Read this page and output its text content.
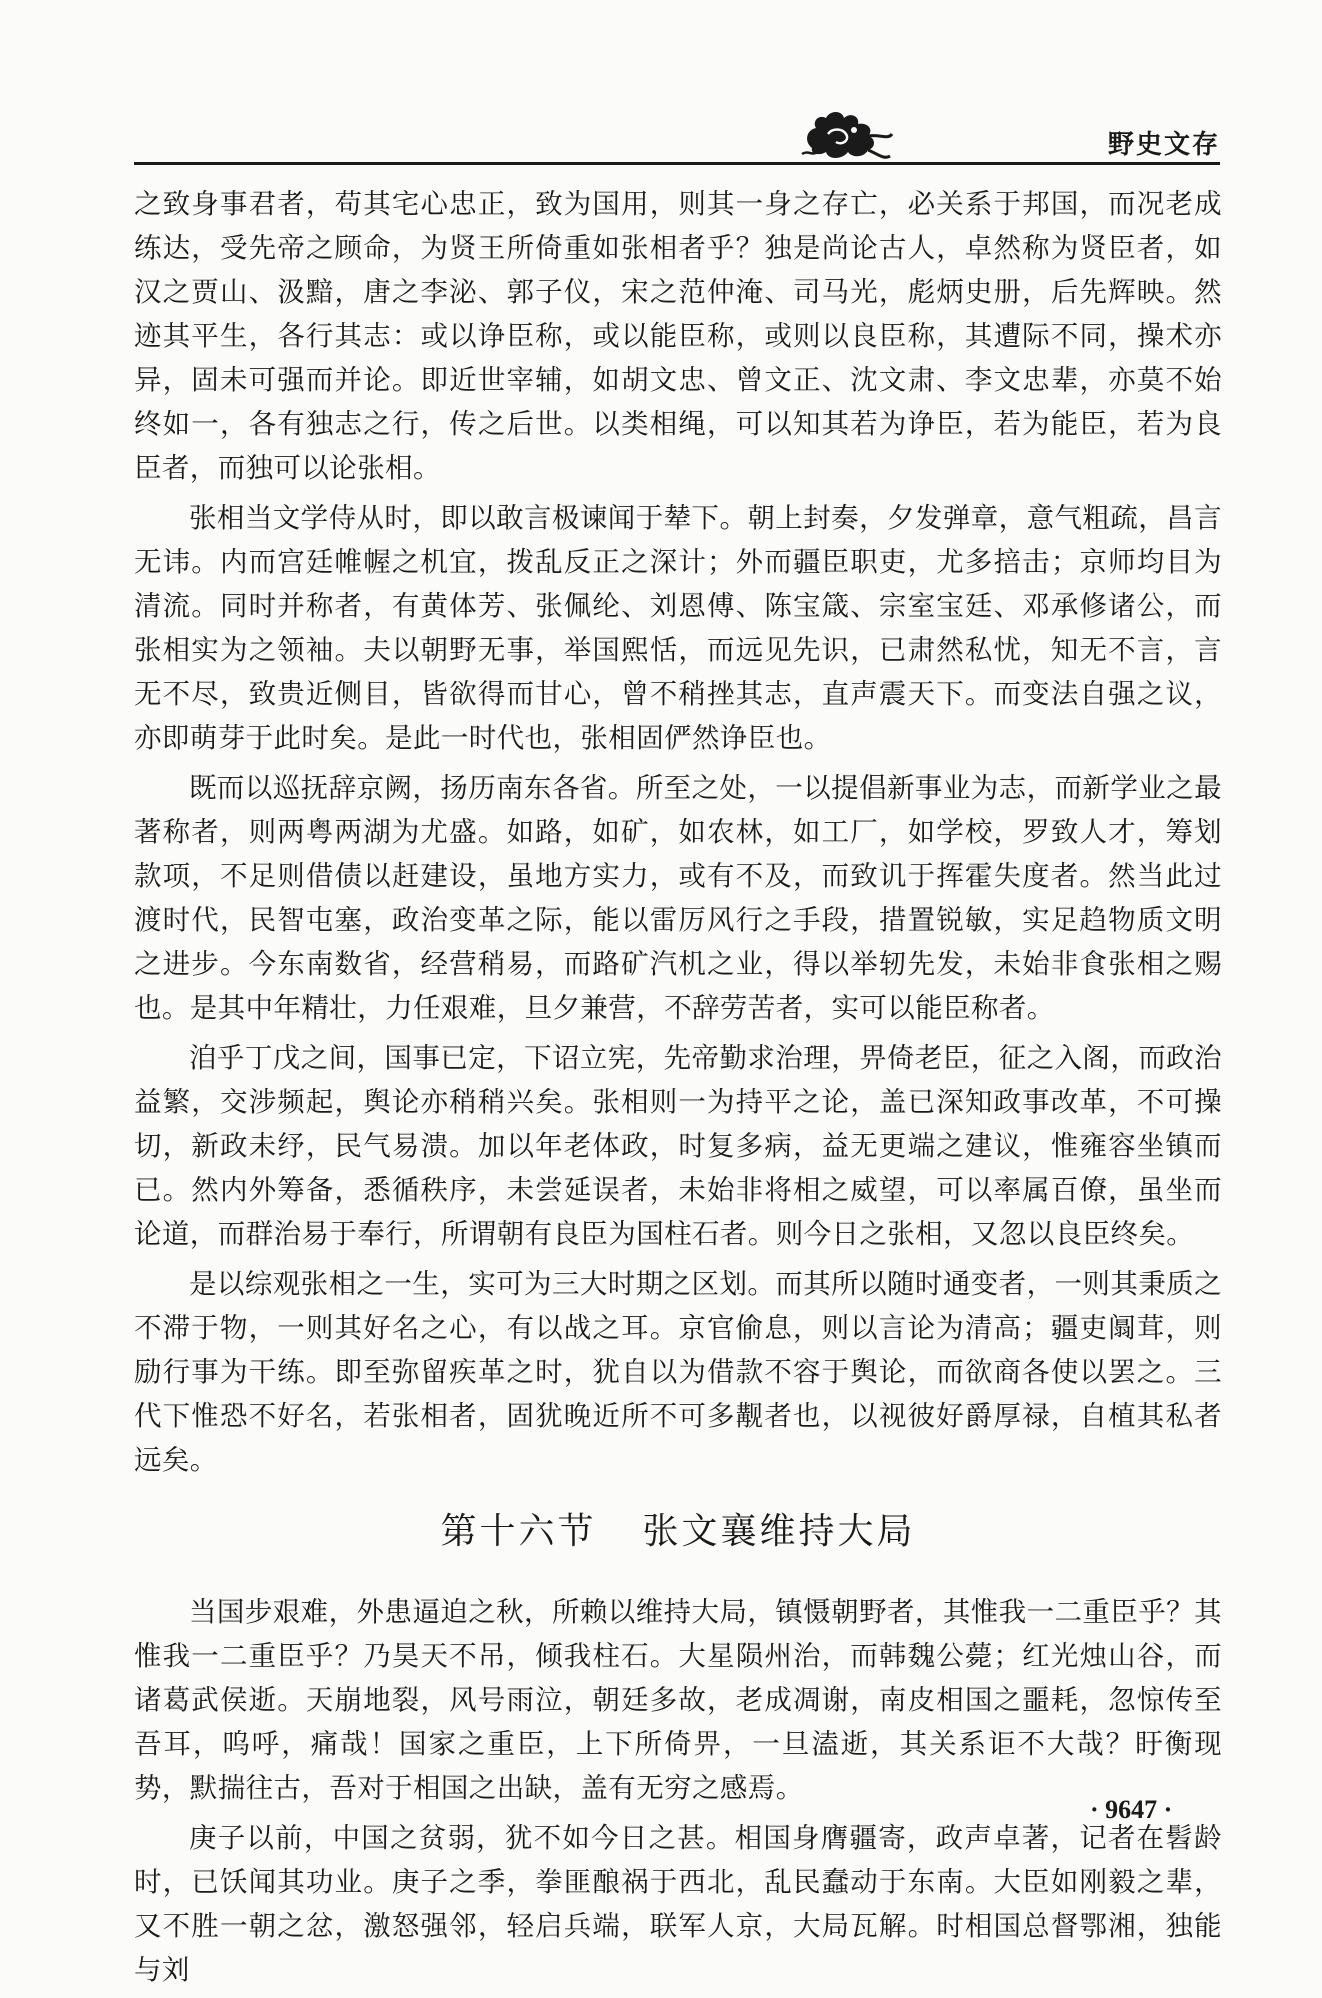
野史文存

之致身事君者，苟其宅心忠正，致为国用，则其一身之存亡，必关系于邦国，而况老成练达，受先帝之顾命，为贤王所倚重如张相者乎？独是尚论古人，卓然称为贤臣者，如汉之贾山、汲黯，唐之李泌、郭子仪，宋之范仲淹、司马光，彪炳史册，后先辉映。然迹其平生，各行其志：或以诤臣称，或以能臣称，或则以良臣称，其遭际不同，操术亦异，固未可强而并论。即近世宰辅，如胡文忠、曾文正、沈文肃、李文忠辈，亦莫不始终如一，各有独志之行，传之后世。以类相绳，可以知其若为诤臣，若为能臣，若为良臣者，而独可以论张相。

张相当文学侍从时，即以敢言极谏闻于辇下。朝上封奏，夕发弹章，意气粗疏，昌言无讳。内而宫廷帷幄之机宜，拨乱反正之深计；外而疆臣职吏，尤多掊击；京师均目为清流。同时并称者，有黄体芳、张佩纶、刘恩傅、陈宝箴、宗室宝廷、邓承修诸公，而张相实为之领袖。夫以朝野无事，举国熙恬，而远见先识，已肃然私忧，知无不言，言无不尽，致贵近侧目，皆欲得而甘心，曾不稍挫其志，直声震天下。而变法自强之议，亦即萌芽于此时矣。是此一时代也，张相固俨然诤臣也。

既而以巡抚辞京阙，扬历南东各省。所至之处，一以提倡新事业为志，而新学业之最著称者，则两粤两湖为尤盛。如路，如矿，如农林，如工厂，如学校，罗致人才，筹划款项，不足则借债以赶建设，虽地方实力，或有不及，而致讥于挥霍失度者。然当此过渡时代，民智屯塞，政治变革之际，能以雷厉风行之手段，措置锐敏，实足趋物质文明之进步。今东南数省，经营稍易，而路矿汽机之业，得以举轫先发，未始非食张相之赐也。是其中年精壮，力任艰难，旦夕兼营，不辞劳苦者，实可以能臣称者。

洎乎丁戊之间，国事已定，下诏立宪，先帝勤求治理，畀倚老臣，征之入阁，而政治益繁，交涉频起，舆论亦稍稍兴矣。张相则一为持平之论，盖已深知政事改革，不可操切，新政未纾，民气易溃。加以年老体政，时复多病，益无更端之建议，惟雍容坐镇而已。然内外筹备，悉循秩序，未尝延误者，未始非将相之威望，可以率属百僚，虽坐而论道，而群治易于奉行，所谓朝有良臣为国柱石者。则今日之张相，又忽以良臣终矣。

是以综观张相之一生，实可为三大时期之区划。而其所以随时通变者，一则其秉质之不滞于物，一则其好名之心，有以战之耳。京官偷息，则以言论为清高；疆吏阘茸，则励行事为干练。即至弥留疾革之时，犹自以为借款不容于舆论，而欲商各使以罢之。三代下惟恐不好名，若张相者，固犹晚近所不可多觏者也，以视彼好爵厚禄，自植其私者远矣。

第十六节 张文襄维持大局

当国步艰难，外患逼迫之秋，所赖以维持大局，镇慑朝野者，其惟我一二重臣乎？其惟我一二重臣乎？乃昊天不吊，倾我柱石。大星陨州治，而韩魏公薨；红光烛山谷，而诸葛武侯逝。天崩地裂，风号雨泣，朝廷多故，老成凋谢，南皮相国之噩耗，忽惊传至吾耳，呜呼，痛哉！国家之重臣，上下所倚畀，一旦溘逝，其关系讵不大哉？盱衡现势，默揣往古，吾对于相国之出缺，盖有无穷之感焉。

庚子以前，中国之贫弱，犹不如今日之甚。相国身膺疆寄，政声卓著，记者在髫龄时，已饫闻其功业。庚子之季，拳匪酿祸于西北，乱民蠢动于东南。大臣如刚毅之辈，又不胜一朝之忿，激怒强邻，轻启兵端，联军人京，大局瓦解。时相国总督鄂湘，独能与刘

· 9647 ·
